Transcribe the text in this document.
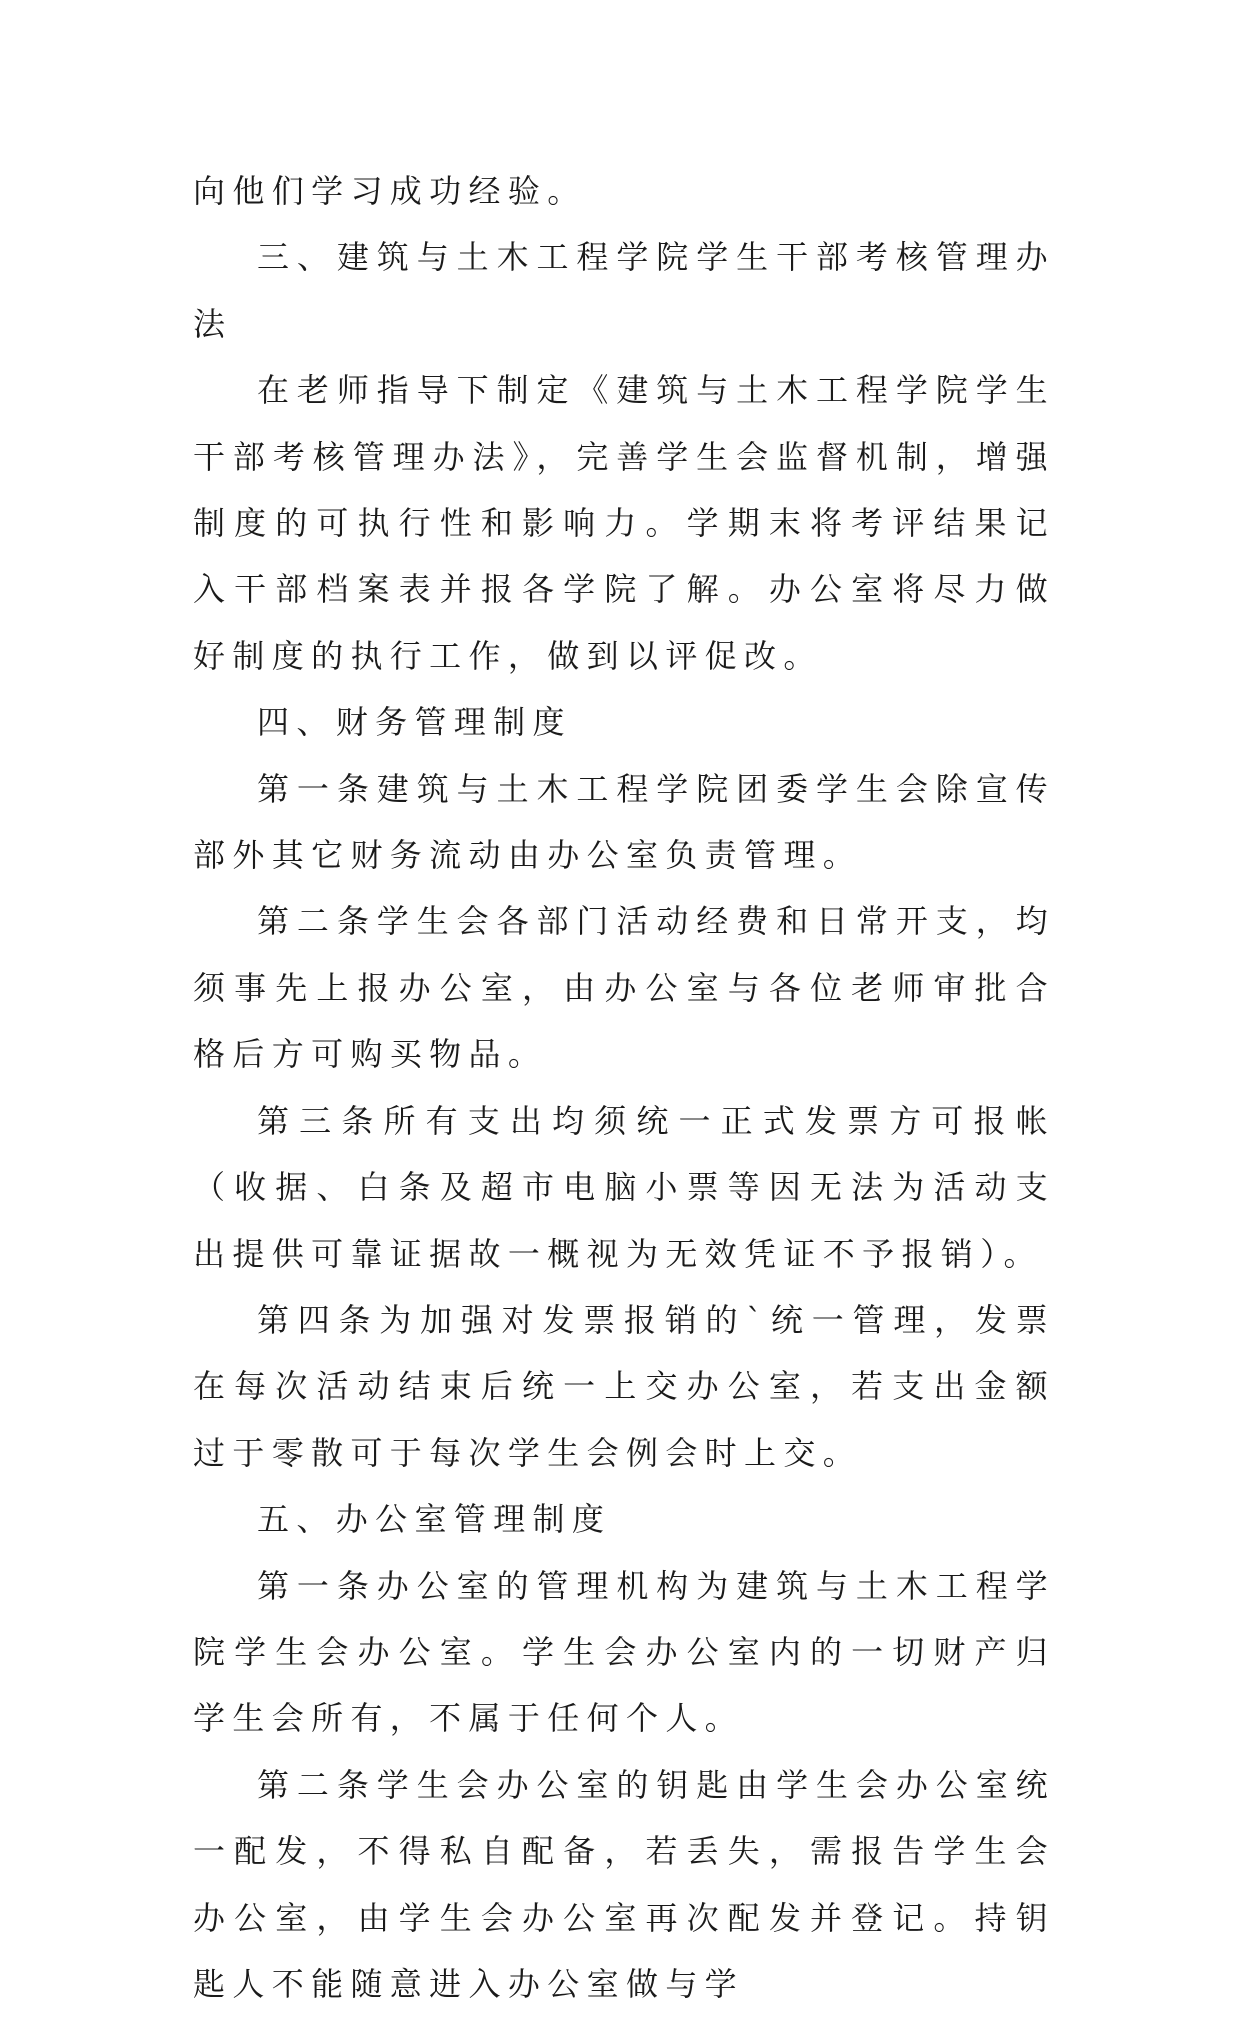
向他们学习成功经验。

三、建筑与土木工程学院学生干部考核管理办法

在老师指导下制定《建筑与土木工程学院学生干部考核管理办法》，完善学生会监督机制，增强制度的可执行性和影响力。学期末将考评结果记入干部档案表并报各学院了解。办公室将尽力做好制度的执行工作，做到以评促改。

四、财务管理制度

第一条建筑与土木工程学院团委学生会除宣传部外其它财务流动由办公室负责管理。

第二条学生会各部门活动经费和日常开支，均须事先上报办公室，由办公室与各位老师审批合格后方可购买物品。

第三条所有支出均须统一正式发票方可报帐（收据、白条及超市电脑小票等因无法为活动支出提供可靠证据故一概视为无效凭证不予报销）。

第四条为加强对发票报销的`统一管理，发票在每次活动结束后统一上交办公室，若支出金额过于零散可于每次学生会例会时上交。

五、办公室管理制度

第一条办公室的管理机构为建筑与土木工程学院学生会办公室。学生会办公室内的一切财产归学生会所有，不属于任何个人。

第二条学生会办公室的钥匙由学生会办公室统一配发，不得私自配备，若丢失，需报告学生会办公室，由学生会办公室再次配发并登记。持钥匙人不能随意进入办公室做与学
